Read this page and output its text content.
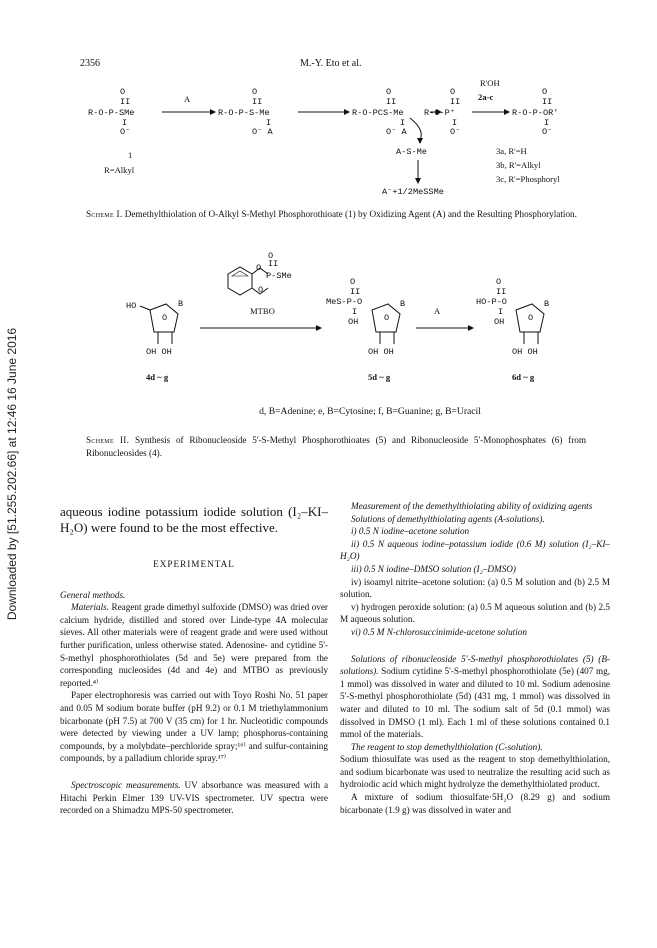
2356	M.-Y. Eto et al.
Downloaded by [51.255.202.66] at 12:46 16 June 2016
O
II
R-O-P-SMe
I
O⁻
1
R=Alkyl
A
O
II
R-O-P-S-Me
I
O⁻ A
O
II
R-O-PCS-Me
I
O⁻ A
O
II
R-O-P⁺
I
O⁻
R'OH
2a-c	O
II
R-O-P-OR'
I
O⁻
A-S-Me
A⁻+1/2MeSSMe
3a, R'=H
3b, R'=Alkyl
3c, R'=Phosphoryl
Scheme I. Demethylthiolation of O-Alkyl S-Methyl Phosphorothioate (1) by Oxidizing Agent (A) and the Resulting Phosphorylation.
O
II
O
P-SMe
O
MTBO
HO
O
B
OH OH
4d ~ g
O
II
MeS-P-O
I
OH	O
B
OH OH
5d ~ g
A
O
II
HO-P-O
I
OH	O
B
OH OH
6d ~ g
d, B=Adenine; e, B=Cytosine; f, B=Guanine; g, B=Uracil
Scheme II. Synthesis of Ribonucleoside 5'-S-Methyl Phosphorothioates (5) and Ribonucleoside 5'-Monophosphates (6) from Ribonucleosides (4).

aqueous iodine potassium iodide solution (I₂–KI–H₂O) were found to be the most effective.

EXPERIMENTAL

General methods.

Materials. Reagent grade dimethyl sulfoxide (DMSO) was dried over calcium hydride, distilled and stored over Linde-type 4A molecular sieves. All other materials were of reagent grade and were used without further purification, unless otherwise stated. Adenosine- and cytidine 5'-S-methyl phosphorothiolates (5d and 5e) were prepared from the corresponding nucleosides (4d and 4e) and MTBO as previously reported.⁴⁾

Paper electrophoresis was carried out with Toyo Roshi No. 51 paper and 0.05 M sodium borate buffer (pH 9.2) or 0.1 M triethylammonium bicarbonate (pH 7.5) at 700 V (35 cm) for 1 hr. Nucleotidic compounds were detected by viewing under a UV lamp; phosphorus-containing compounds, by a molybdate–perchloride spray;¹⁶⁾ and sulfur-containing compounds, by a palladium chloride spray.¹⁷⁾

Spectroscopic measurements. UV absorbance was measured with a Hitachi Perkin Elmer 139 UV-VIS spectrometer. UV spectra were recorded on a Shimadzu MPS-50 spectrometer.

Measurement of the demethylthiolating ability of oxidizing agents

Solutions of demethylthiolating agents (A-solutions).

i) 0.5 N iodine–acetone solution

ii) 0.5 N aqueous iodine–potassium iodide (0.6 M) solution (I₂–KI–H₂O)

iii) 0.5 N iodine–DMSO solution (I₂–DMSO)

iv) isoamyl nitrite–acetone solution: (a) 0.5 M solution and (b) 2.5 M solution.

v) hydrogen peroxide solution: (a) 0.5 M aqueous solution and (b) 2.5 M aqueous solution.

vi) 0.5 M N-chlorosuccinimide-acetone solution

Solutions of ribonucleoside 5'-S-methyl phosphorothiolates (5) (B-solutions). Sodium cytidine 5'-S-methyl phosphorothiolate (5e) (407 mg, 1 mmol) was dissolved in water and diluted to 10 ml. Sodium adenosine 5'-S-methyl phosphorothiolate (5d) (431 mg, 1 mmol) was dissolved in water and diluted to 10 ml. The sodium salt of 5d (0.1 mmol) was dissolved in DMSO (1 ml). Each 1 ml of these solutions contained 0.1 mmol of the materials.

The reagent to stop demethylthiolation (C-solution).

Sodium thiosulfate was used as the reagent to stop demethylthiolation, and sodium bicarbonate was used to neutralize the resulting acid such as hydroiodic acid which might hydrolyze the demethylthiolated product.

A mixture of sodium thiosulfate·5H₂O (8.29 g) and sodium bicarbonate (1.9 g) was dissolved in water and
